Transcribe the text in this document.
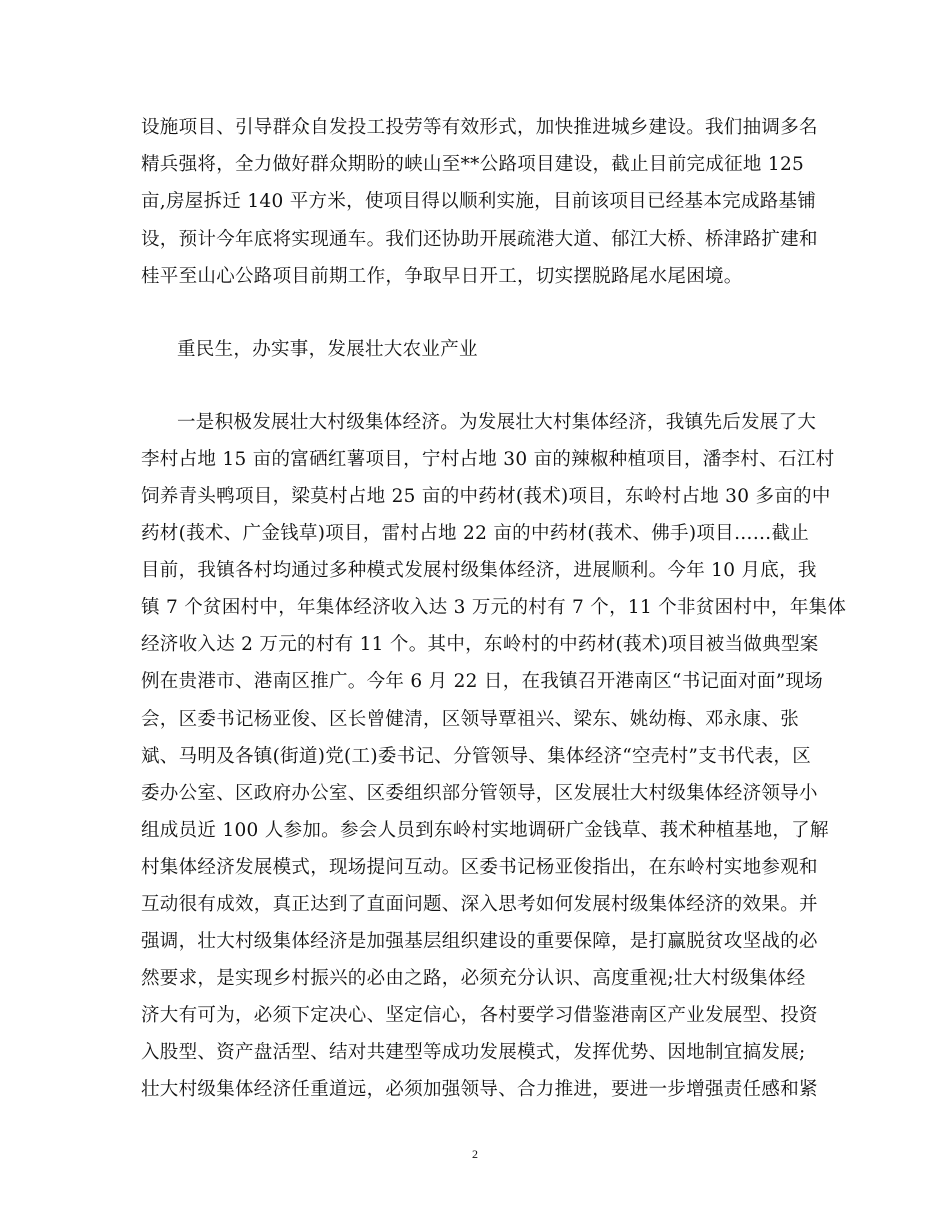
设施项目、引导群众自发投工投劳等有效形式，加快推进城乡建设。我们抽调多名
精兵强将，全力做好群众期盼的峡山至**公路项目建设，截止目前完成征地 125
亩,房屋拆迁 140 平方米，使项目得以顺利实施，目前该项目已经基本完成路基铺
设，预计今年底将实现通车。我们还协助开展疏港大道、郁江大桥、桥津路扩建和
桂平至山心公路项目前期工作，争取早日开工，切实摆脱路尾水尾困境。
重民生，办实事，发展壮大农业产业
一是积极发展壮大村级集体经济。为发展壮大村集体经济，我镇先后发展了大
李村占地 15 亩的富硒红薯项目，宁村占地 30 亩的辣椒种植项目，潘李村、石江村
饲养青头鸭项目，梁莫村占地 25 亩的中药材(莪术)项目，东岭村占地 30 多亩的中
药材(莪术、广金钱草)项目，雷村占地 22 亩的中药材(莪术、佛手)项目……截止
目前，我镇各村均通过多种模式发展村级集体经济，进展顺利。今年 10 月底，我
镇 7 个贫困村中，年集体经济收入达 3 万元的村有 7 个，11 个非贫困村中，年集体
经济收入达 2 万元的村有 11 个。其中，东岭村的中药材(莪术)项目被当做典型案
例在贵港市、港南区推广。今年 6 月 22 日，在我镇召开港南区“书记面对面”现场
会，区委书记杨亚俊、区长曾健清，区领导覃祖兴、梁东、姚幼梅、邓永康、张
斌、马明及各镇(街道)党(工)委书记、分管领导、集体经济“空壳村”支书代表，区
委办公室、区政府办公室、区委组织部分管领导，区发展壮大村级集体经济领导小
组成员近 100 人参加。参会人员到东岭村实地调研广金钱草、莪术种植基地，了解
村集体经济发展模式，现场提问互动。区委书记杨亚俊指出，在东岭村实地参观和
互动很有成效，真正达到了直面问题、深入思考如何发展村级集体经济的效果。并
强调，壮大村级集体经济是加强基层组织建设的重要保障，是打赢脱贫攻坚战的必
然要求，是实现乡村振兴的必由之路，必须充分认识、高度重视;壮大村级集体经
济大有可为，必须下定决心、坚定信心，各村要学习借鉴港南区产业发展型、投资
入股型、资产盘活型、结对共建型等成功发展模式，发挥优势、因地制宜搞发展;
壮大村级集体经济任重道远，必须加强领导、合力推进，要进一步增强责任感和紧
2
